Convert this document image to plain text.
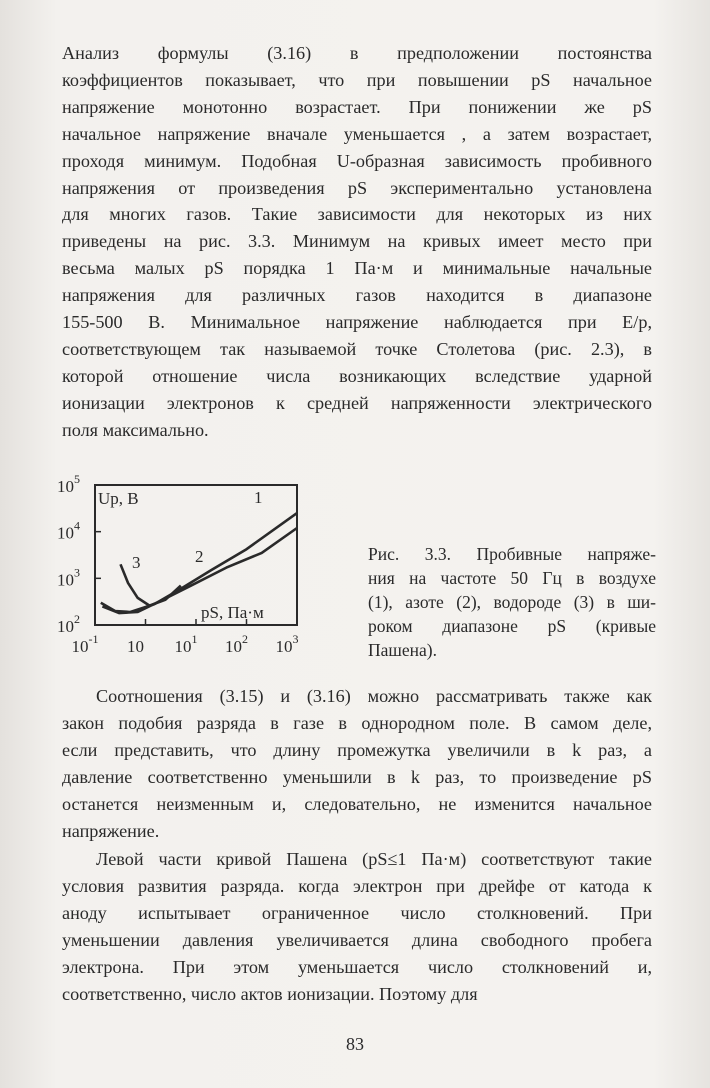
Анализ формулы (3.16) в предположении постоянства
коэффициентов показывает, что при повышении pS начальное
напряжение монотонно возрастает. При понижении же pS
начальное напряжение вначале уменьшается , а затем возрастает,
проходя минимум. Подобная U-образная зависимость пробивного
напряжения от произведения pS экспериментально установлена
для многих газов. Такие зависимости для некоторых из них
приведены на рис. 3.3. Минимум на кривых имеет место при
весьма малых pS порядка 1 Па·м и минимальные начальные
напряжения для различных газов находится в диапазоне
155-500 В. Минимальное напряжение наблюдается при E/p,
соответствующем так называемой точке Столетова (рис. 2.3), в
которой отношение числа возникающих вследствие ударной
ионизации электронов к средней напряженности электрического
поля максимально.
$10^5$
$10^4$
$10^3$
$10^2$
$10^{-1}$ 10 $10^1$ $10^2$ $10^3$
Up, В
pS, Па·м
1
2
3	Рис. 3.3. Пробивные напряже-
ния на частоте 50 Гц в воздухе
(1), азоте (2), водороде (3) в ши-
роком диапазоне pS (кривые
Пашена).
Соотношения (3.15) и (3.16) можно рассматривать также как
закон подобия разряда в газе в однородном поле. В самом деле,
если представить, что длину промежутка увеличили в k раз, а
давление соответственно уменьшили в k раз, то произведение pS
останется неизменным и, следовательно, не изменится начальное
напряжение.
Левой части кривой Пашена (pS≤1 Па·м) соответствуют такие
условия развития разряда. когда электрон при дрейфе от катода к
аноду испытывает ограниченное число столкновений. При
уменьшении давления увеличивается длина свободного пробега
электрона. При этом уменьшается число столкновений и,
соответственно, число актов ионизации. Поэтому для
83
